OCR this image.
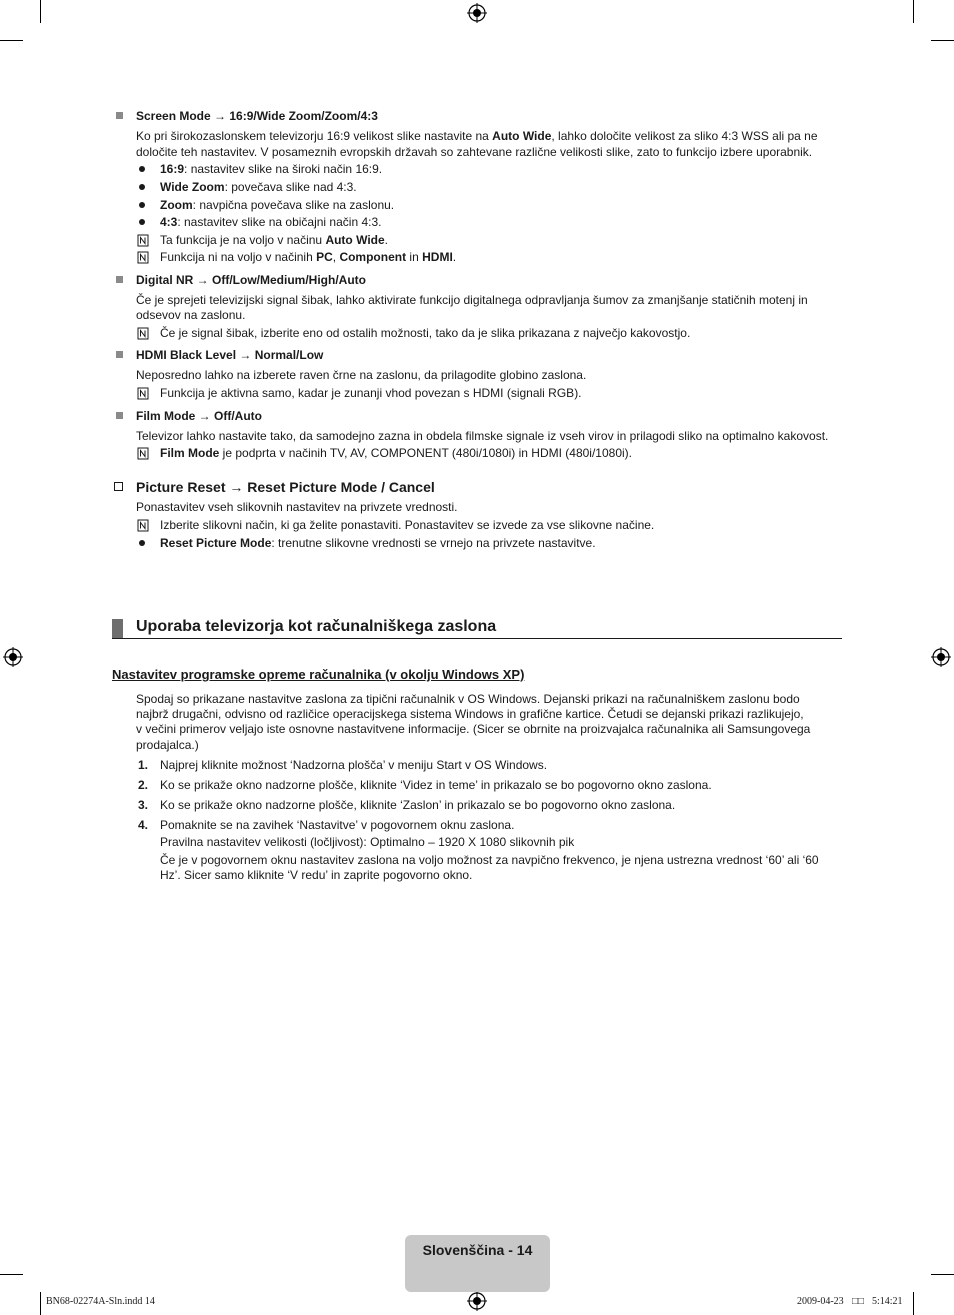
Screen Mode → 16:9/Wide Zoom/Zoom/4:3
Ko pri širokozaslonskem televizorju 16:9 velikost slike nastavite na Auto Wide, lahko določite velikost za sliko 4:3 WSS ali pa ne
določite teh nastavitev. V posameznih evropskih državah so zahtevane različne velikosti slike, zato to funkcijo izbere uporabnik.
16:9: nastavitev slike na široki način 16:9.
Wide Zoom: povečava slike nad 4:3.
Zoom: navpična povečava slike na zaslonu.
4:3: nastavitev slike na običajni način 4:3.
Ta funkcija je na voljo v načinu Auto Wide.
Funkcija ni na voljo v načinih PC, Component in HDMI.
Digital NR → Off/Low/Medium/High/Auto
Če je sprejeti televizijski signal šibak, lahko aktivirate funkcijo digitalnega odpravljanja šumov za zmanjšanje statičnih motenj in
odsevov na zaslonu.
Če je signal šibak, izberite eno od ostalih možnosti, tako da je slika prikazana z največjo kakovostjo.
HDMI Black Level → Normal/Low
Neposredno lahko na izberete raven črne na zaslonu, da prilagodite globino zaslona.
Funkcija je aktivna samo, kadar je zunanji vhod povezan s HDMI (signali RGB).
Film Mode → Off/Auto
Televizor lahko nastavite tako, da samodejno zazna in obdela filmske signale iz vseh virov in prilagodi sliko na optimalno kakovost.
Film Mode je podprta v načinih TV, AV, COMPONENT (480i/1080i) in HDMI (480i/1080i).
Picture Reset → Reset Picture Mode / Cancel
Ponastavitev vseh slikovnih nastavitev na privzete vrednosti.
Izberite slikovni način, ki ga želite ponastaviti. Ponastavitev se izvede za vse slikovne načine.
Reset Picture Mode: trenutne slikovne vrednosti se vrnejo na privzete nastavitve.
Uporaba televizorja kot računalniškega zaslona
Nastavitev programske opreme računalnika (v okolju Windows XP)
Spodaj so prikazane nastavitve zaslona za tipični računalnik v OS Windows. Dejanski prikazi na računalniškem zaslonu bodo
najbrž drugačni, odvisno od različice operacijskega sistema Windows in grafične kartice. Četudi se dejanski prikazi razlikujejo,
v večini primerov veljajo iste osnovne nastavitvene informacije. (Sicer se obrnite na proizvajalca računalnika ali Samsungovega
prodajalca.)
1. Najprej kliknite možnost ‘Nadzorna plošča’ v meniju Start v OS Windows.
2. Ko se prikaže okno nadzorne plošče, kliknite ‘Videz in teme’ in prikazalo se bo pogovorno okno zaslona.
3. Ko se prikaže okno nadzorne plošče, kliknite ‘Zaslon’ in prikazalo se bo pogovorno okno zaslona.
4. Pomaknite se na zavihek ‘Nastavitve’ v pogovornem oknu zaslona.
Pravilna nastavitev velikosti (ločljivost): Optimalno – 1920 X 1080 slikovnih pik
Če je v pogovornem oknu nastavitev zaslona na voljo možnost za navpično frekvenco, je njena ustrezna vrednost ‘60’ ali ‘60
Hz’. Sicer samo kliknite ‘V redu’ in zaprite pogovorno okno.
Slovenščina - 14
BN68-02274A-Sln.indd 14	2009-04-23 □□ 5:14:21
